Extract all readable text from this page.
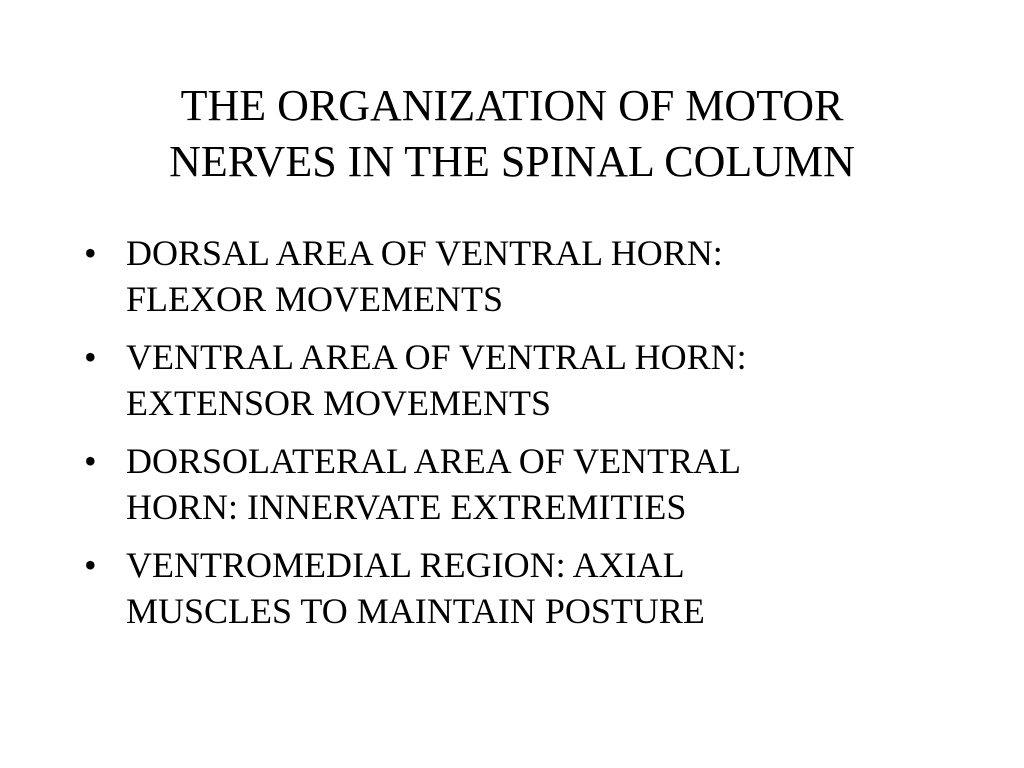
THE ORGANIZATION OF MOTOR
NERVES IN THE SPINAL COLUMN
• DORSAL AREA OF VENTRAL HORN:
FLEXOR MOVEMENTS
• VENTRAL AREA OF VENTRAL HORN:
EXTENSOR MOVEMENTS
• DORSOLATERAL AREA OF VENTRAL
HORN: INNERVATE EXTREMITIES
• VENTROMEDIAL REGION: AXIAL
MUSCLES TO MAINTAIN POSTURE
